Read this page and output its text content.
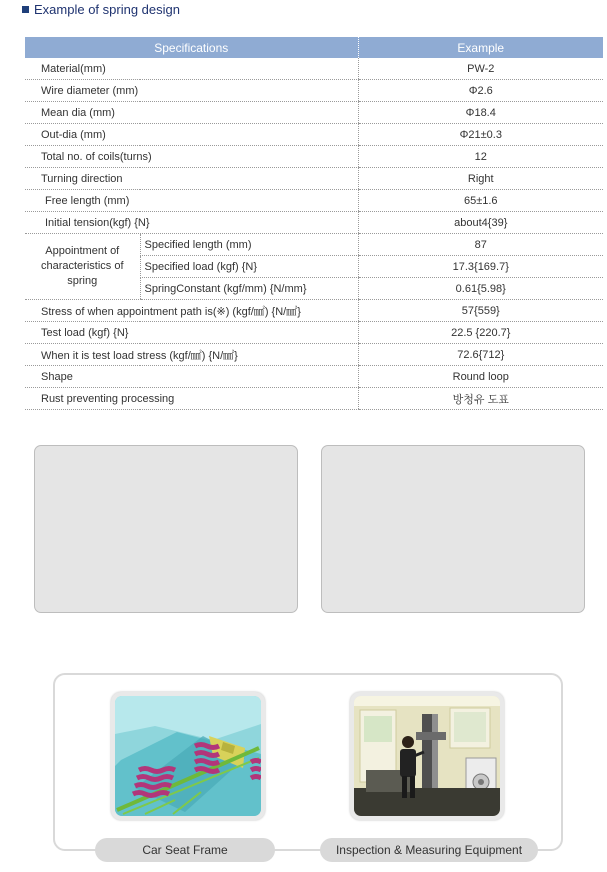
Example of spring design
Specifications		Example
Material(mm)		PW-2
Wire diameter (mm)		Φ2.6
Mean dia (mm)		Φ18.4
Out-dia (mm)		Φ21±0.3
Total no. of coils(turns)		12
Turning direction		Right
Free length (mm)		65±1.6
Initial tension(kgf) {N}		about4{39}
Appointment of characteristics of spring	Specified length (mm)	87
	Specified load (kgf) {N}	17.3{169.7}
	SpringConstant (kgf/mm) {N/mm}	0.61{5.98}
Stress of when appointment path is(※) (kgf/㎟) {N/㎟}		57{559}
Test load (kgf) {N}		22.5 {220.7}
When it is test load stress (kgf/㎟) {N/㎟}		72.6{712}
Shape		Round loop
Rust preventing processing		방청유 도표
Car Seat Frame	Inspection & Measuring Equipment
